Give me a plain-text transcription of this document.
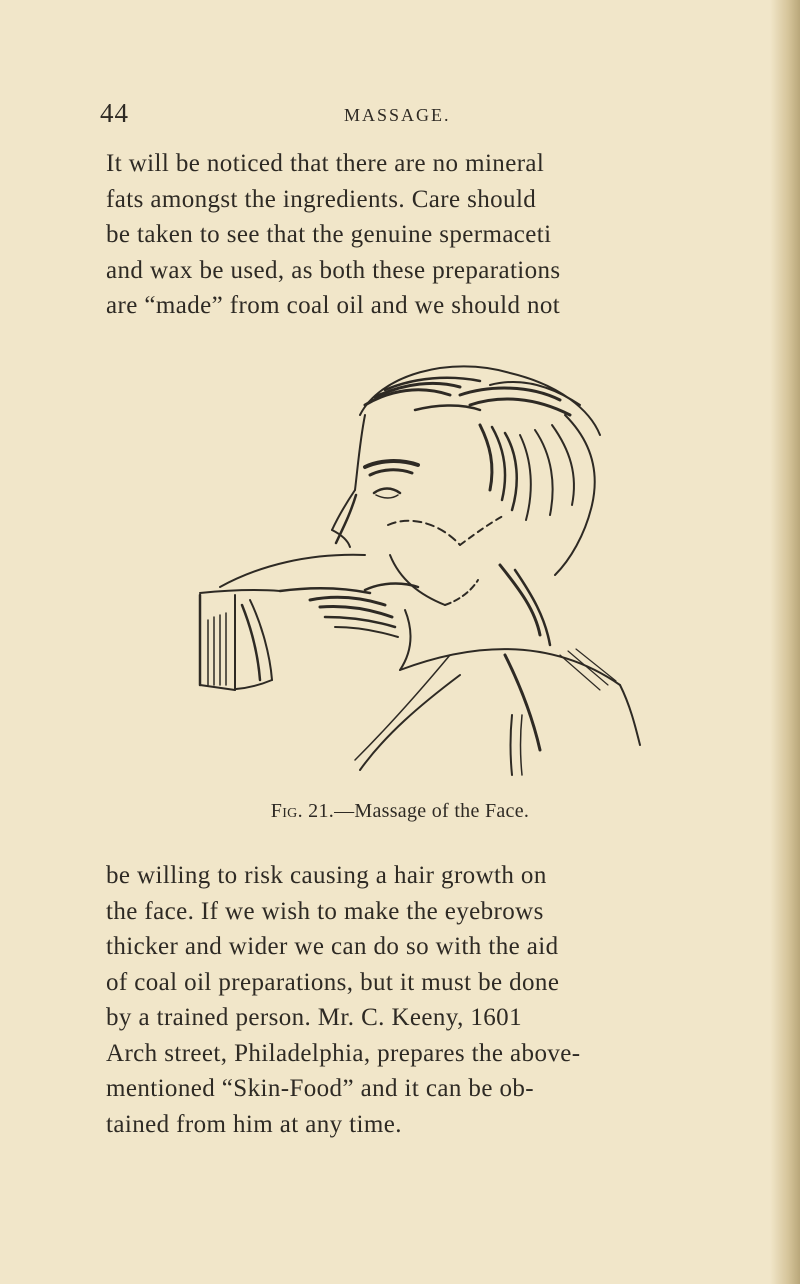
44	MASSAGE.

It will be noticed that there are no mineral
fats amongst the ingredients. Care should
be taken to see that the genuine spermaceti
and wax be used, as both these preparations
are “made” from coal oil and we should not

Fig. 21.—Massage of the Face.

be willing to risk causing a hair growth on
the face. If we wish to make the eyebrows
thicker and wider we can do so with the aid
of coal oil preparations, but it must be done
by a trained person. Mr. C. Keeny, 1601
Arch street, Philadelphia, prepares the above-
mentioned “Skin-Food” and it can be ob-
tained from him at any time.
